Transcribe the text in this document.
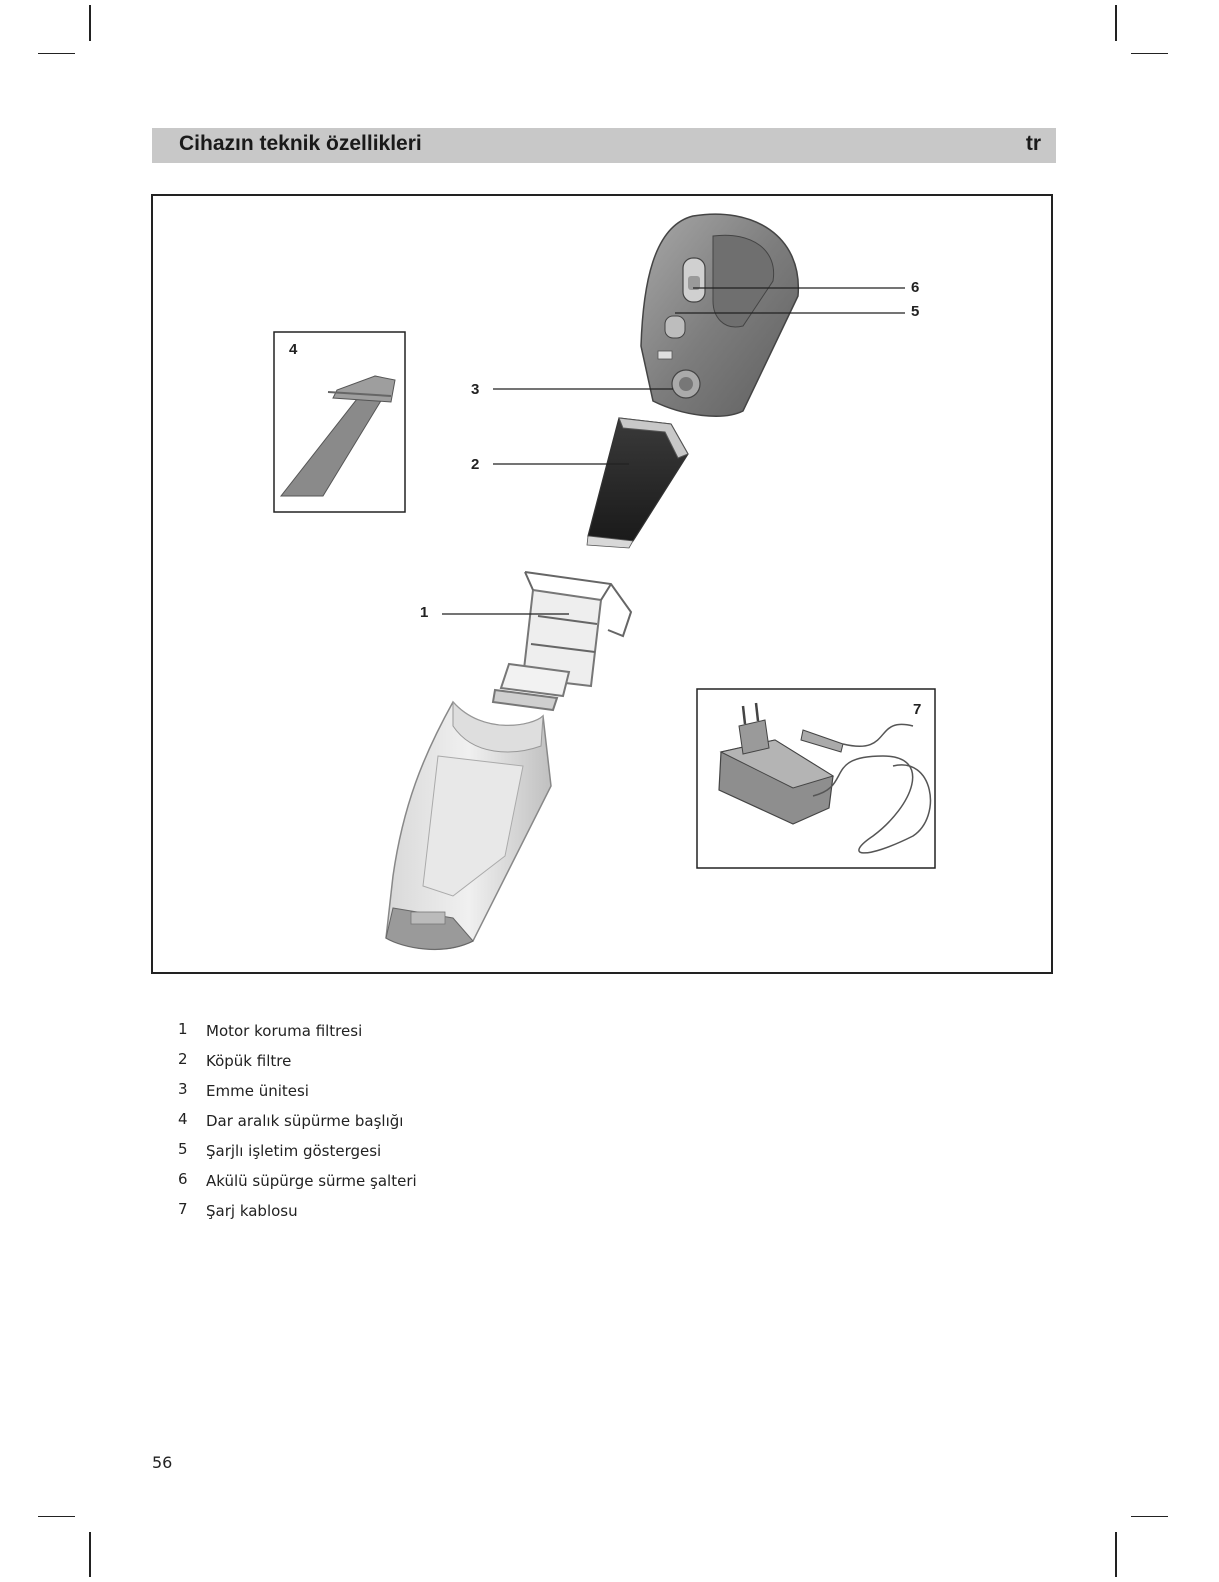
Cihazın teknik özellikleri	tr
4
3
2
1
6
5
7
1	Motor koruma filtresi
2	Köpük filtre
3	Emme ünitesi
4	Dar aralık süpürme başlığı
5	Şarjlı işletim göstergesi
6	Akülü süpürge sürme şalteri
7	Şarj kablosu
56
